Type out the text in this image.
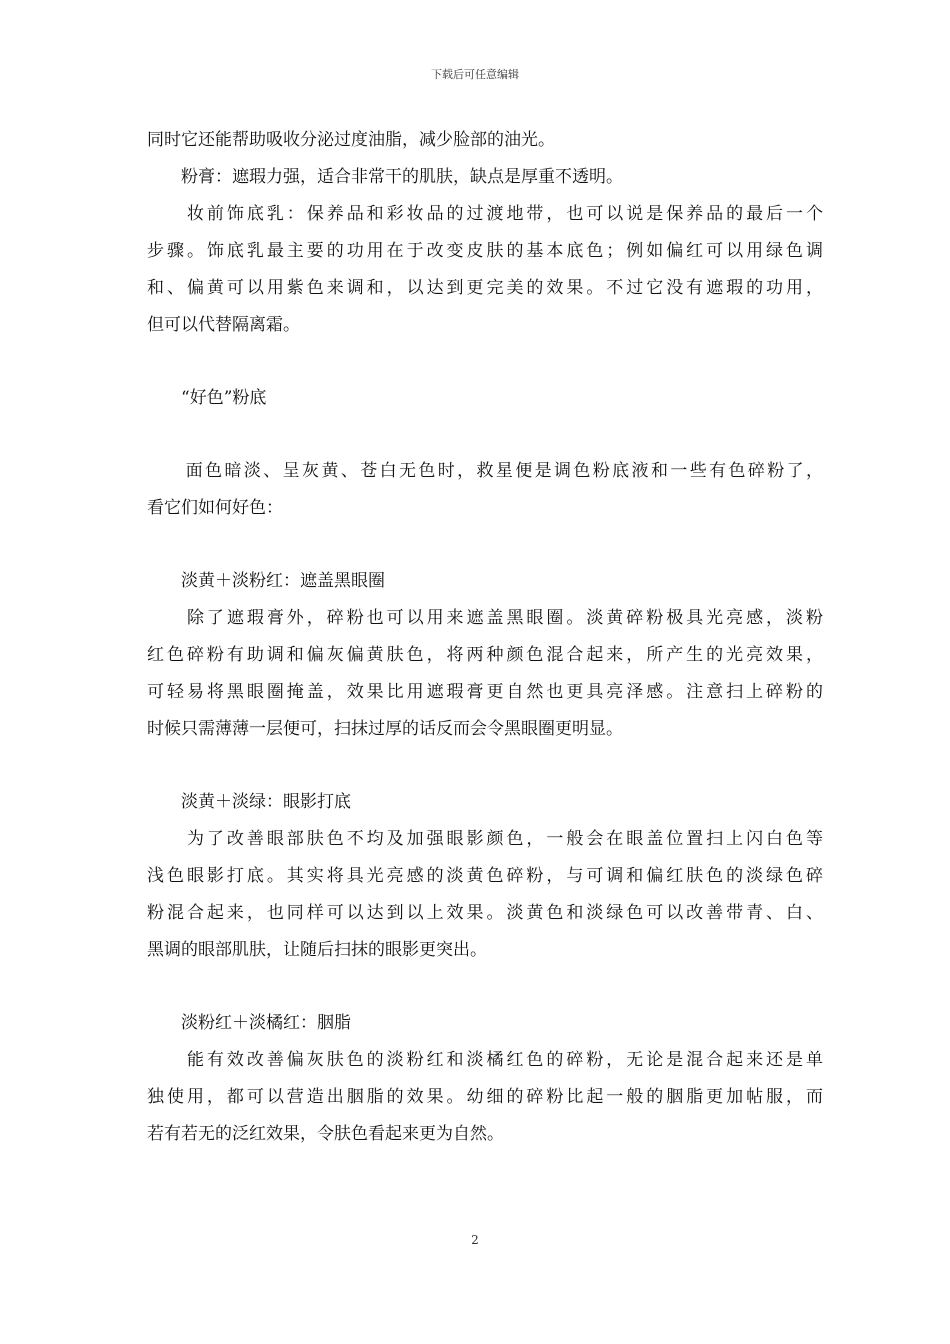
下载后可任意编辑
同时它还能帮助吸收分泌过度油脂，减少脸部的油光。
　　粉膏：遮瑕力强，适合非常干的肌肤，缺点是厚重不透明。
　　妆前饰底乳：保养品和彩妆品的过渡地带，也可以说是保养品的最后一个
步骤。饰底乳最主要的功用在于改变皮肤的基本底色；例如偏红可以用绿色调
和、偏黄可以用紫色来调和，以达到更完美的效果。不过它没有遮瑕的功用，
但可以代替隔离霜。
　　“好色”粉底
　　面色暗淡、呈灰黄、苍白无色时，救星便是调色粉底液和一些有色碎粉了，
看它们如何好色：
　　淡黄＋淡粉红：遮盖黑眼圈
　　除了遮瑕膏外，碎粉也可以用来遮盖黑眼圈。淡黄碎粉极具光亮感，淡粉
红色碎粉有助调和偏灰偏黄肤色，将两种颜色混合起来，所产生的光亮效果，
可轻易将黑眼圈掩盖，效果比用遮瑕膏更自然也更具亮泽感。注意扫上碎粉的
时候只需薄薄一层便可，扫抹过厚的话反而会令黑眼圈更明显。
　　淡黄＋淡绿：眼影打底
　　为了改善眼部肤色不均及加强眼影颜色，一般会在眼盖位置扫上闪白色等
浅色眼影打底。其实将具光亮感的淡黄色碎粉，与可调和偏红肤色的淡绿色碎
粉混合起来，也同样可以达到以上效果。淡黄色和淡绿色可以改善带青、白、
黑调的眼部肌肤，让随后扫抹的眼影更突出。
　　淡粉红＋淡橘红：胭脂
　　能有效改善偏灰肤色的淡粉红和淡橘红色的碎粉，无论是混合起来还是单
独使用，都可以营造出胭脂的效果。幼细的碎粉比起一般的胭脂更加帖服，而
若有若无的泛红效果，令肤色看起来更为自然。
2
